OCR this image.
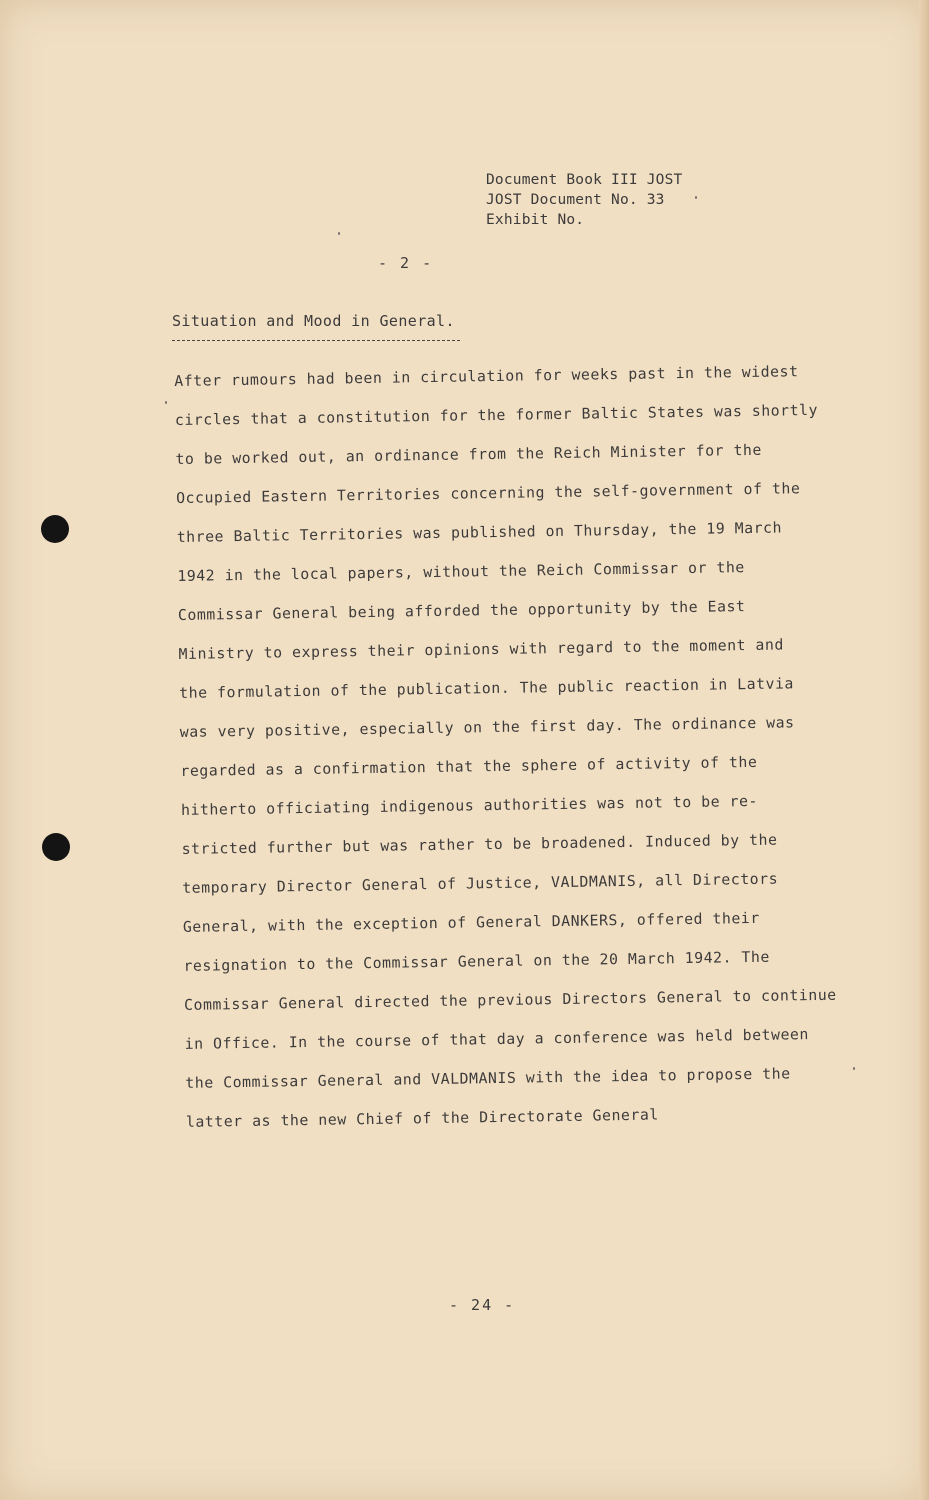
Document Book III JOST
JOST Document No. 33
Exhibit No.
- 2 -
Situation and Mood in General.
After rumours had been in circulation for weeks past in the widest
circles that a constitution for the former Baltic States was shortly
to be worked out, an ordinance from the Reich Minister for the
Occupied Eastern Territories concerning the self-government of the
three Baltic Territories was published on Thursday, the 19 March
1942 in the local papers, without the Reich Commissar or the
Commissar General being afforded the opportunity by the East
Ministry to express their opinions with regard to the moment and
the formulation of the publication. The public reaction in Latvia
was very positive, especially on the first day. The ordinance was
regarded as a confirmation that the sphere of activity of the
hitherto officiating indigenous authorities was not to be re-
stricted further but was rather to be broadened. Induced by the
temporary Director General of Justice, VALDMANIS, all Directors
General, with the exception of General DANKERS, offered their
resignation to the Commissar General on the 20 March 1942. The
Commissar General directed the previous Directors General to continue
in Office. In the course of that day a conference was held between
the Commissar General and VALDMANIS with the idea to propose the
latter as the new Chief of the Directorate General
- 24 -
